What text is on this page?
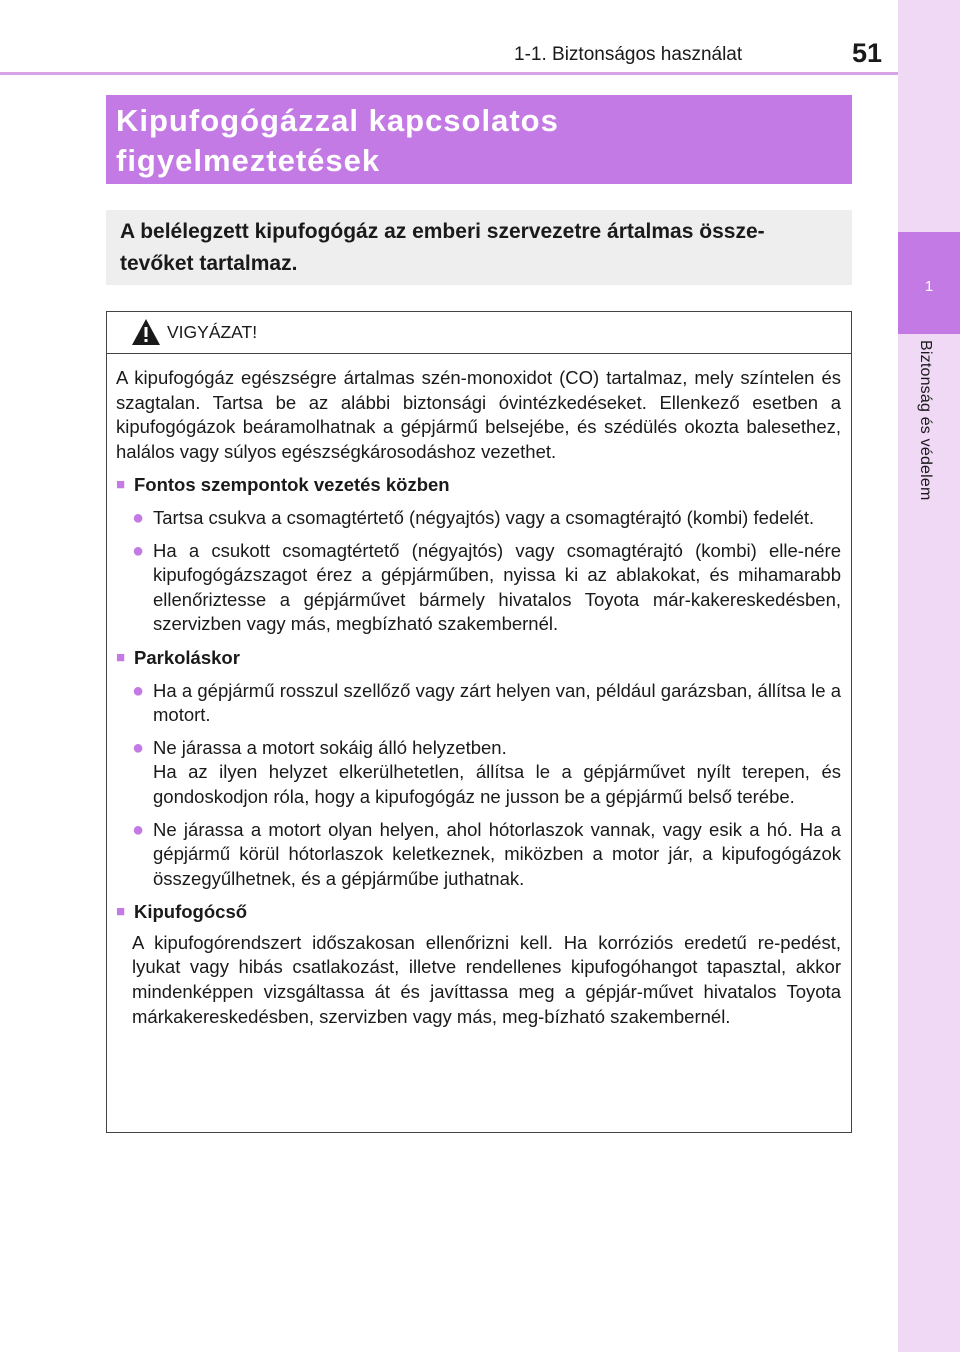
1-1. Biztonságos használat	51
1
Biztonság és védelem
Kipufogógázzal kapcsolatos
figyelmeztetések
A belélegzett kipufogógáz az emberi szervezetre ártalmas össze-
tevőket tartalmaz.
VIGYÁZAT!

A kipufogógáz egészségre ártalmas szén-monoxidot (CO) tartalmaz, mely színtelen és szagtalan. Tartsa be az alábbi biztonsági óvintézkedéseket. Ellenkező esetben a kipufogógázok beáramolhatnak a gépjármű belsejébe, és szédülés okozta balesethez, halálos vagy súlyos egészségkárosodáshoz vezethet.

■ Fontos szempontok vezetés közben
● Tartsa csukva a csomagtértető (négyajtós) vagy a csomagtérajtó (kombi) fedelét.
● Ha a csukott csomagtértető (négyajtós) vagy csomagtérajtó (kombi) elle-nére kipufogógázszagot érez a gépjárműben, nyissa ki az ablakokat, és mihamarabb ellenőriztesse a gépjárművet bármely hivatalos Toyota már-kakereskedésben, szervizben vagy más, megbízható szakembernél.
■ Parkoláskor
● Ha a gépjármű rosszul szellőző vagy zárt helyen van, például garázsban, állítsa le a motort.
● Ne járassa a motort sokáig álló helyzetben.
Ha az ilyen helyzet elkerülhetetlen, állítsa le a gépjárművet nyílt terepen, és gondoskodjon róla, hogy a kipufogógáz ne jusson be a gépjármű belső terébe.
● Ne járassa a motort olyan helyen, ahol hótorlaszok vannak, vagy esik a hó. Ha a gépjármű körül hótorlaszok keletkeznek, miközben a motor jár, a kipufogógázok összegyűlhetnek, és a gépjárműbe juthatnak.
■ Kipufogócső
A kipufogórendszert időszakosan ellenőrizni kell. Ha korróziós eredetű re-pedést, lyukat vagy hibás csatlakozást, illetve rendellenes kipufogóhangot tapasztal, akkor mindenképpen vizsgáltassa át és javíttassa meg a gépjár-művet hivatalos Toyota márkakereskedésben, szervizben vagy más, meg-bízható szakembernél.
